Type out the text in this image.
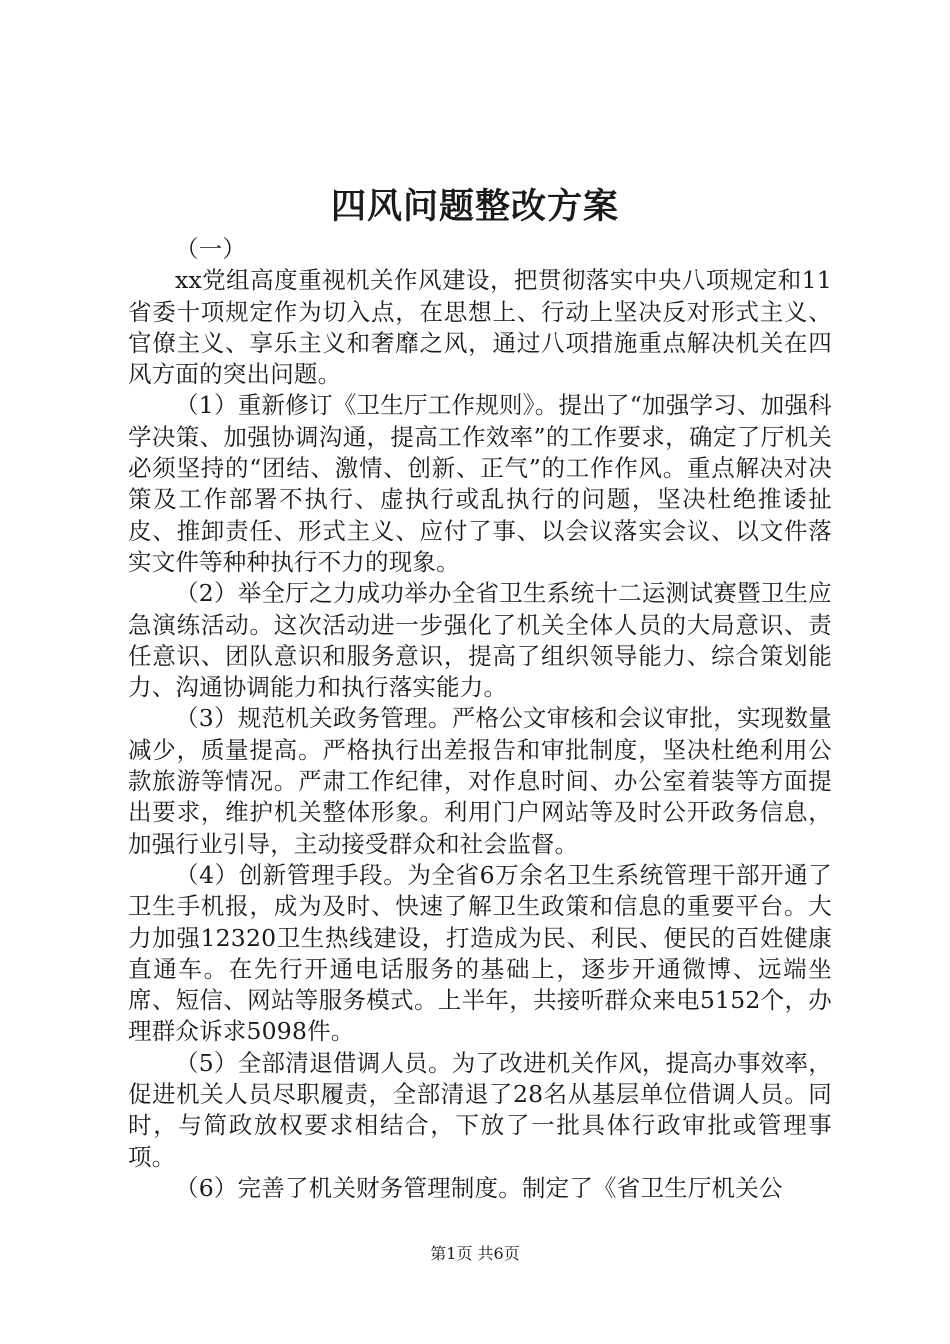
四风问题整改方案

（一）

xx党组高度重视机关作风建设，把贯彻落实中央八项规定和11省委十项规定作为切入点，在思想上、行动上坚决反对形式主义、官僚主义、享乐主义和奢靡之风，通过八项措施重点解决机关在四风方面的突出问题。

（1）重新修订《卫生厅工作规则》。提出了“加强学习、加强科学决策、加强协调沟通，提高工作效率”的工作要求，确定了厅机关必须坚持的“团结、激情、创新、正气”的工作作风。重点解决对决策及工作部署不执行、虚执行或乱执行的问题，坚决杜绝推诿扯皮、推卸责任、形式主义、应付了事、以会议落实会议、以文件落实文件等种种执行不力的现象。

（2）举全厅之力成功举办全省卫生系统十二运测试赛暨卫生应急演练活动。这次活动进一步强化了机关全体人员的大局意识、责任意识、团队意识和服务意识，提高了组织领导能力、综合策划能力、沟通协调能力和执行落实能力。

（3）规范机关政务管理。严格公文审核和会议审批，实现数量减少，质量提高。严格执行出差报告和审批制度，坚决杜绝利用公款旅游等情况。严肃工作纪律，对作息时间、办公室着装等方面提出要求，维护机关整体形象。利用门户网站等及时公开政务信息，加强行业引导，主动接受群众和社会监督。

（4）创新管理手段。为全省6万余名卫生系统管理干部开通了卫生手机报，成为及时、快速了解卫生政策和信息的重要平台。大力加强12320卫生热线建设，打造成为民、利民、便民的百姓健康直通车。在先行开通电话服务的基础上，逐步开通微博、远端坐席、短信、网站等服务模式。上半年，共接听群众来电5152个，办理群众诉求5098件。

（5）全部清退借调人员。为了改进机关作风，提高办事效率，促进机关人员尽职履责，全部清退了28名从基层单位借调人员。同时，与简政放权要求相结合，下放了一批具体行政审批或管理事项。

（6）完善了机关财务管理制度。制定了《省卫生厅机关公

第1页 共6页
